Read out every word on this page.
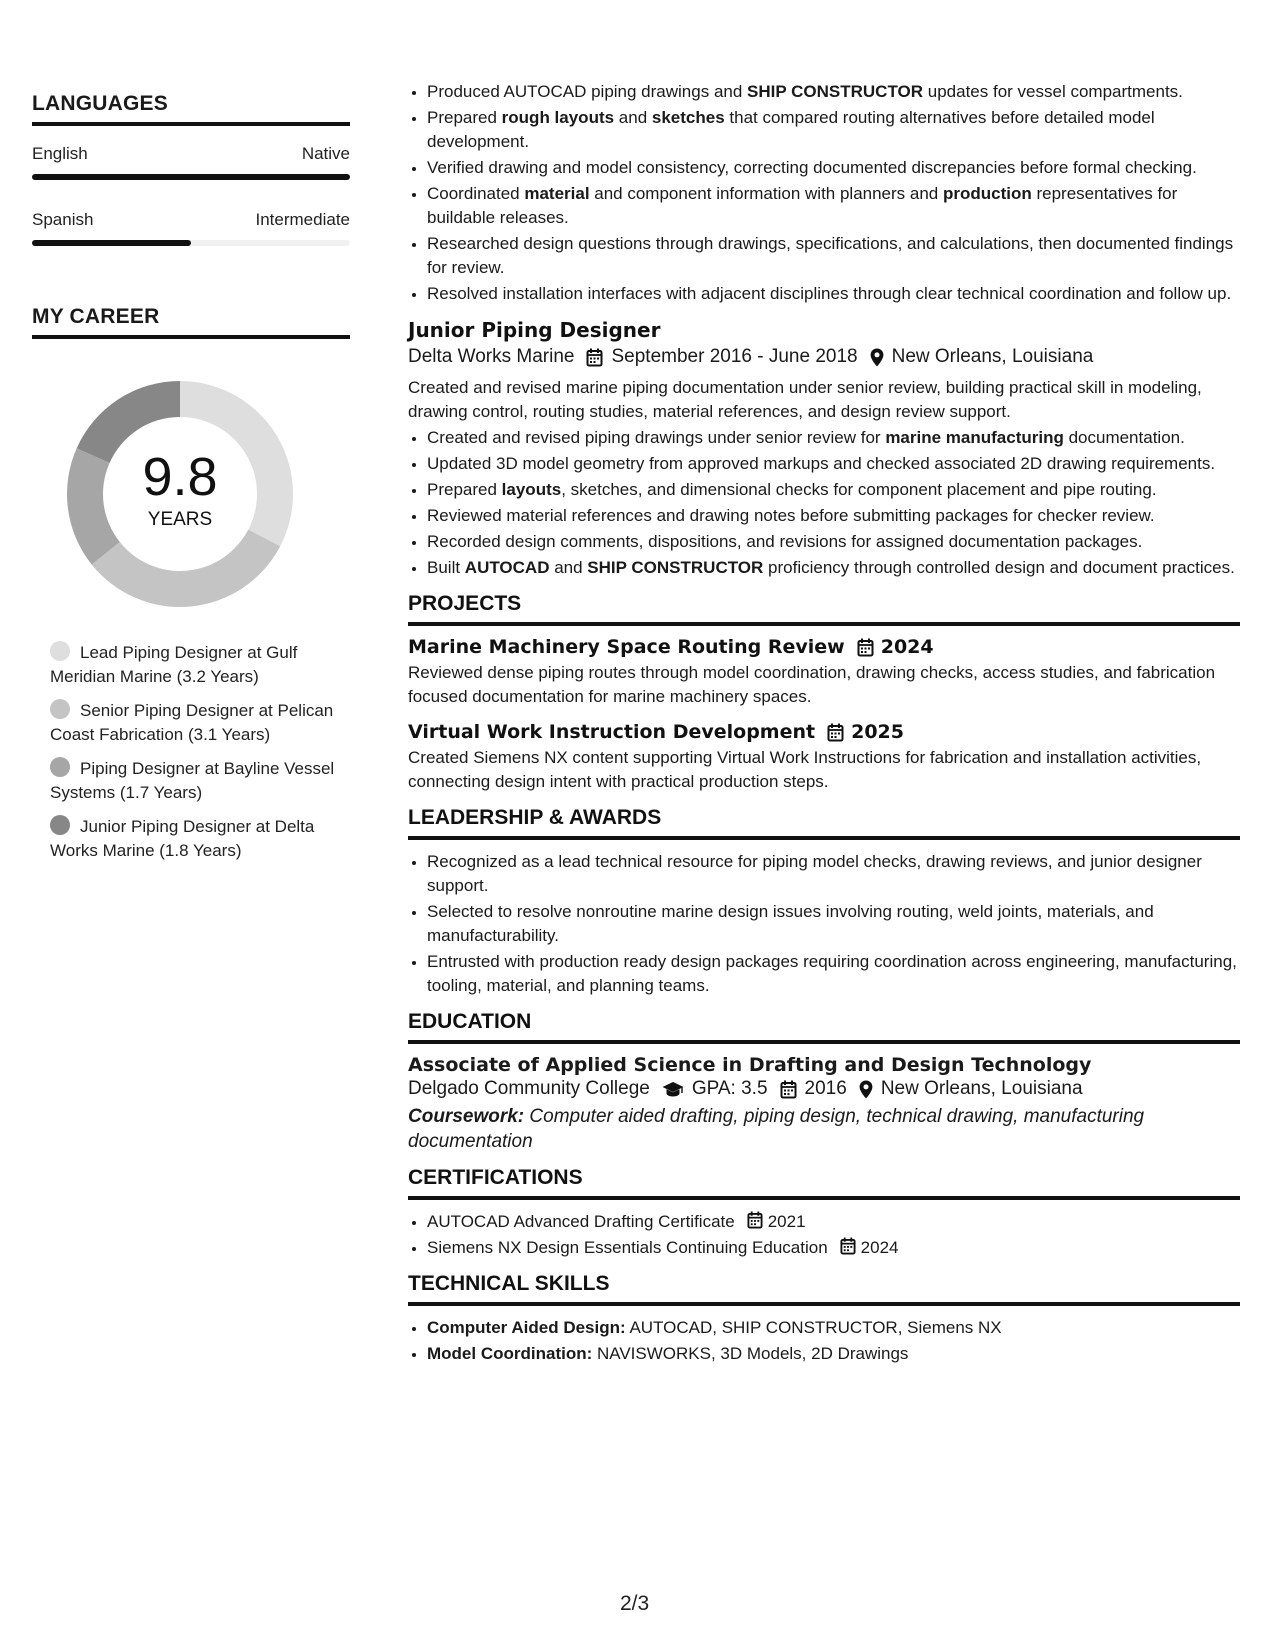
LANGUAGES
English	Native
Spanish	Intermediate
MY CAREER
9.8
YEARS
Lead Piping Designer at Gulf Meridian Marine (3.2 Years)
Senior Piping Designer at Pelican Coast Fabrication (3.1 Years)
Piping Designer at Bayline Vessel Systems (1.7 Years)
Junior Piping Designer at Delta Works Marine (1.8 Years)
• Produced AUTOCAD piping drawings and SHIP CONSTRUCTOR updates for vessel compartments.
• Prepared rough layouts and sketches that compared routing alternatives before detailed model development.
• Verified drawing and model consistency, correcting documented discrepancies before formal checking.
• Coordinated material and component information with planners and production representatives for buildable releases.
• Researched design questions through drawings, specifications, and calculations, then documented findings for review.
• Resolved installation interfaces with adjacent disciplines through clear technical coordination and follow up.
Junior Piping Designer
Delta Works Marine September 2016 - June 2018 New Orleans, Louisiana

Created and revised marine piping documentation under senior review, building practical skill in modeling, drawing control, routing studies, material references, and design review support.

• Created and revised piping drawings under senior review for marine manufacturing documentation.
• Updated 3D model geometry from approved markups and checked associated 2D drawing requirements.
• Prepared layouts, sketches, and dimensional checks for component placement and pipe routing.
• Reviewed material references and drawing notes before submitting packages for checker review.
• Recorded design comments, dispositions, and revisions for assigned documentation packages.
• Built AUTOCAD and SHIP CONSTRUCTOR proficiency through controlled design and document practices.
PROJECTS
Marine Machinery Space Routing Review 2024

Reviewed dense piping routes through model coordination, drawing checks, access studies, and fabrication focused documentation for marine machinery spaces.

Virtual Work Instruction Development 2025

Created Siemens NX content supporting Virtual Work Instructions for fabrication and installation activities, connecting design intent with practical production steps.

LEADERSHIP & AWARDS
• Recognized as a lead technical resource for piping model checks, drawing reviews, and junior designer support.
• Selected to resolve nonroutine marine design issues involving routing, weld joints, materials, and manufacturability.
• Entrusted with production ready design packages requiring coordination across engineering, manufacturing, tooling, material, and planning teams.
EDUCATION
Associate of Applied Science in Drafting and Design Technology
Delgado Community College GPA: 3.5 2016 New Orleans, Louisiana

Coursework: Computer aided drafting, piping design, technical drawing, manufacturing documentation

CERTIFICATIONS
• AUTOCAD Advanced Drafting Certificate 2021
• Siemens NX Design Essentials Continuing Education 2024
TECHNICAL SKILLS
• Computer Aided Design: AUTOCAD, SHIP CONSTRUCTOR, Siemens NX
• Model Coordination: NAVISWORKS, 3D Models, 2D Drawings
2/3
